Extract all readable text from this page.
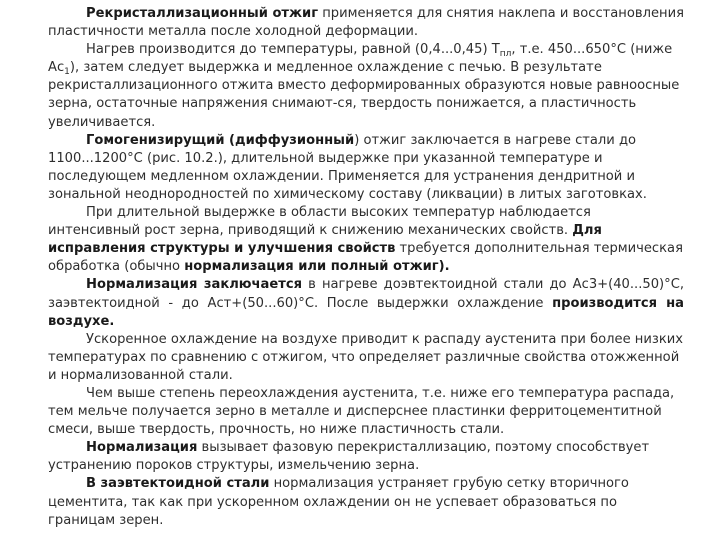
Рекристаллизационный отжиг применяется для снятия наклепа и восстановления пластичности металла после холодной деформации.

Нагрев производится до температуры, равной (0,4...0,45) $T_{пл}$, т.е. 450...650°С (ниже $Ас_1$), затем следует выдержка и медленное охлаждение с печью. В результате рекристаллизационного отжита вместо деформированных образуются новые равноосные зерна, остаточные напряжения снимают-ся, твердость понижается, а пластичность увеличивается.

Гомогенизирущий (диффузионный) отжиг заключается в нагреве стали до 1100...1200°С (рис. 10.2.), длительной выдержке при указанной температуре и последующем медленном охлаждении. Применяется для устранения дендритной и зональной неоднородностей по химическому составу (ликвации) в литых заготовках.

При длительной выдержке в области высоких температур наблюдается интенсивный рост зерна, приводящий к снижению механических свойств. Для исправления структуры и улучшения свойств требуется дополнительная термическая обработка (обычно нормализация или полный отжиг).

Нормализация заключается в нагреве доэвтектоидной стали до Ас3+(40...50)°С, заэвтектоидной - до Аст+(50...60)°С. После выдержки охлаждение производится на воздухе.

Ускоренное охлаждение на воздухе приводит к распаду аустенита при более низких температурах по сравнению с отжигом, что определяет различные свойства отожженной и нормализованной стали.

Чем выше степень переохлаждения аустенита, т.е. ниже его температура распада, тем мельче получается зерно в металле и дисперснее пластинки ферритоцементитной смеси, выше твердость, прочность, но ниже пластичность стали.

Нормализация вызывает фазовую перекристаллизацию, поэтому способствует устранению пороков структуры, измельчению зерна.

В заэвтектоидной стали нормализация устраняет грубую сетку вторичного цементита, так как при ускоренном охлаждении он не успевает образоваться по границам зерен.
